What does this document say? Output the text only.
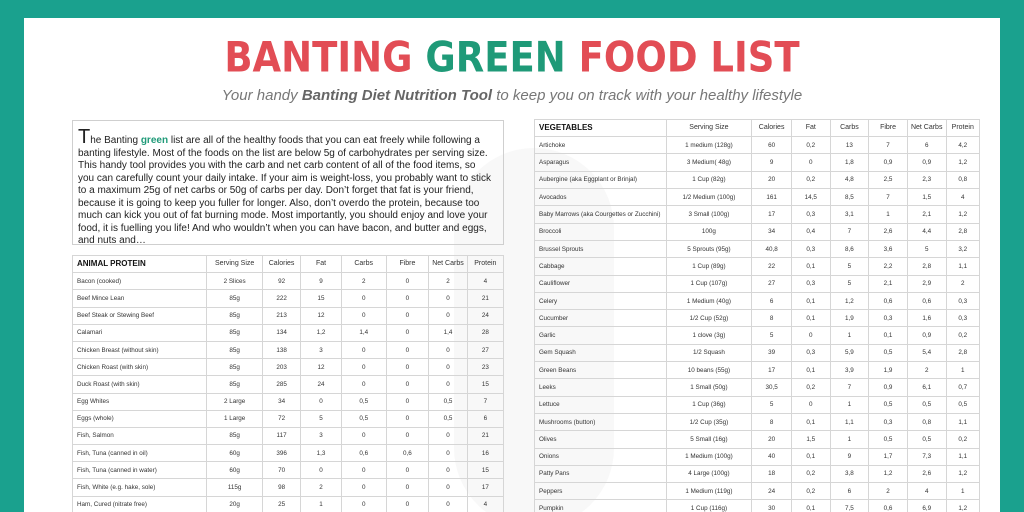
BANTING GREEN FOOD LIST
Your handy Banting Diet Nutrition Tool to keep you on track with your healthy lifestyle
The Banting green list are all of the healthy foods that you can eat freely while following a banting lifestyle. Most of the foods on the list are below 5g of carbohydrates per serving size. This handy tool provides you with the carb and net carb content of all of the food items, so you can carefully count your daily intake. If your aim is weight-loss, you probably want to stick to a maximum 25g of net carbs or 50g of carbs per day. Don’t forget that fat is your friend, because it is going to keep you fuller for longer. Also, don’t overdo the protein, because too much can kick you out of fat burning mode. Most importantly, you should enjoy and love your food, it is fuelling you life! And who wouldn’t when you can have bacon, and butter and eggs, and nuts and…
ANIMAL PROTEIN	Serving Size	Calories	Fat	Carbs	Fibre	Net Carbs	Protein
Bacon (cooked)	2 Slices	92	9	2	0	2	4
Beef Mince Lean	85g	222	15	0	0	0	21
Beef Steak or Stewing Beef	85g	213	12	0	0	0	24
Calamari	85g	134	1,2	1,4	0	1,4	28
Chicken Breast (without skin)	85g	138	3	0	0	0	27
Chicken Roast (with skin)	85g	203	12	0	0	0	23
Duck Roast (with skin)	85g	285	24	0	0	0	15
Egg Whites	2 Large	34	0	0,5	0	0,5	7
Eggs (whole)	1 Large	72	5	0,5	0	0,5	6
Fish, Salmon	85g	117	3	0	0	0	21
Fish, Tuna (canned in oil)	60g	396	1,3	0,6	0,6	0	16
Fish, Tuna (canned in water)	60g	70	0	0	0	0	15
Fish, White (e.g. hake, sole)	115g	98	2	0	0	0	17
Ham, Cured (nitrate free)	20g	25	1	0	0	0	4
VEGETABLES	Serving Size	Calories	Fat	Carbs	Fibre	Net Carbs	Protein
Artichoke	1 medium (128g)	60	0,2	13	7	6	4,2
Asparagus	3 Medium( 48g)	9	0	1,8	0,9	0,9	1,2
Aubergine (aka Eggplant or Brinjal)	1 Cup (82g)	20	0,2	4,8	2,5	2,3	0,8
Avocados	1/2 Medium (100g)	161	14,5	8,5	7	1,5	4
Baby Marrows (aka Courgettes or Zucchini)	3 Small (100g)	17	0,3	3,1	1	2,1	1,2
Broccoli	100g	34	0,4	7	2,6	4,4	2,8
Brussel Sprouts	5 Sprouts (95g)	40,8	0,3	8,6	3,6	5	3,2
Cabbage	1 Cup (89g)	22	0,1	5	2,2	2,8	1,1
Cauliflower	1 Cup (107g)	27	0,3	5	2,1	2,9	2
Celery	1 Medium (40g)	6	0,1	1,2	0,6	0,6	0,3
Cucumber	1/2 Cup (52g)	8	0,1	1,9	0,3	1,6	0,3
Garlic	1 clove (3g)	5	0	1	0,1	0,9	0,2
Gem Squash	1/2 Squash	39	0,3	5,9	0,5	5,4	2,8
Green Beans	10 beans (55g)	17	0,1	3,9	1,9	2	1
Leeks	1 Small (50g)	30,5	0,2	7	0,9	6,1	0,7
Lettuce	1 Cup (36g)	5	0	1	0,5	0,5	0,5
Mushrooms (button)	1/2 Cup (35g)	8	0,1	1,1	0,3	0,8	1,1
Olives	5 Small (16g)	20	1,5	1	0,5	0,5	0,2
Onions	1 Medium (100g)	40	0,1	9	1,7	7,3	1,1
Patty Pans	4 Large (100g)	18	0,2	3,8	1,2	2,6	1,2
Peppers	1 Medium (119g)	24	0,2	6	2	4	1
Pumpkin	1 Cup (116g)	30	0,1	7,5	0,6	6,9	1,2
